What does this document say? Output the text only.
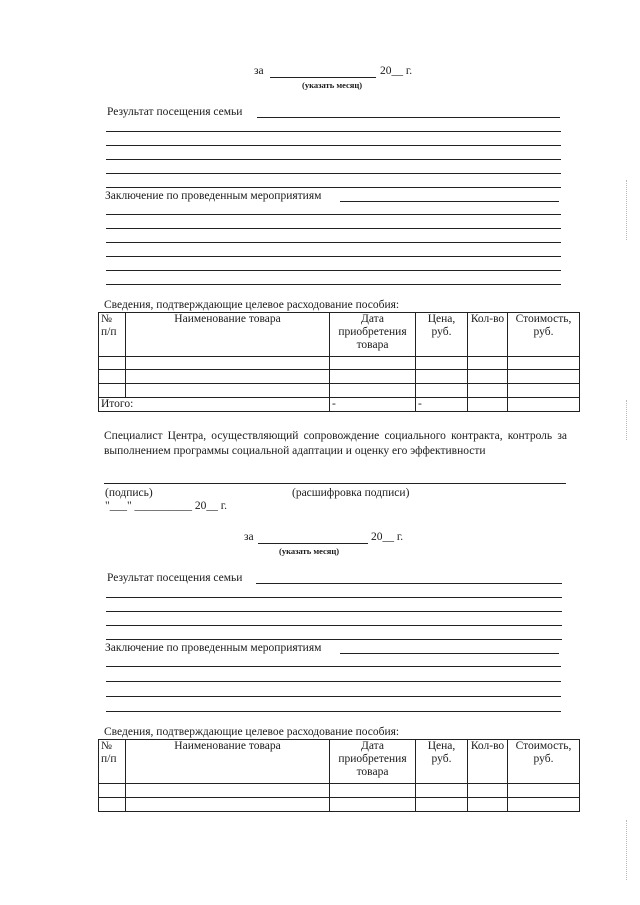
за	20__ г.
(указать месяц)
Результат посещения семьи
Заключение по проведенным мероприятиям
Сведения, подтверждающие целевое расходование пособия:
№ п/п	Наименование товара	Дата приобретения товара	Цена, руб.	Кол-во	Стоимость, руб.

Итого:		-	-		
Специалист Центра, осуществляющий сопровождение социального контракта, контроль за выполнением программы социальной адаптации и оценку его эффективности
(подпись)	(расшифровка подписи)
"___" __________ 20__ г.
за	20__ г.
(указать месяц)
Результат посещения семьи
Заключение по проведенным мероприятиям
Сведения, подтверждающие целевое расходование пособия:
№ п/п	Наименование товара	Дата приобретения товара	Цена, руб.	Кол-во	Стоимость, руб.
